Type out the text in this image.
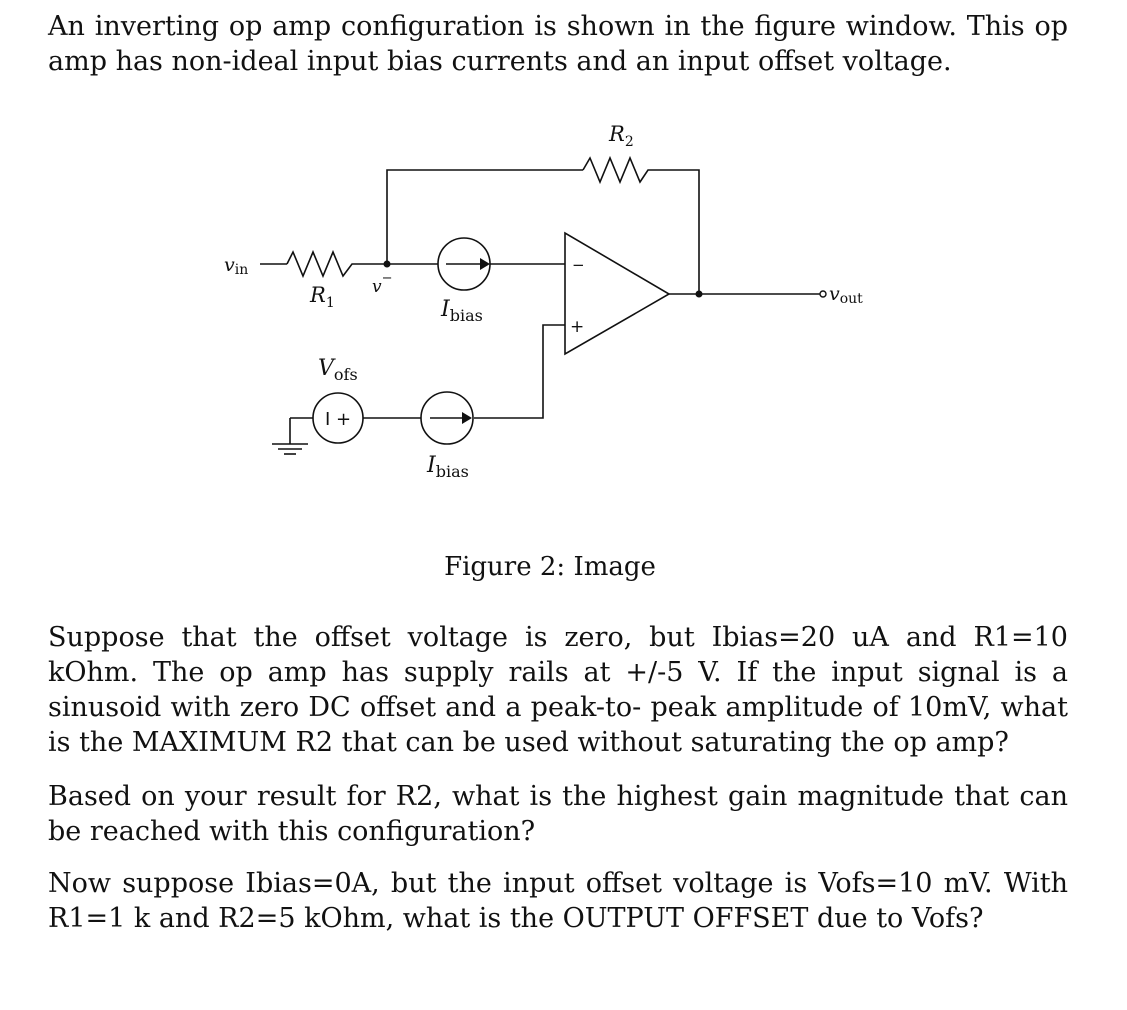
An inverting op amp configuration is shown in the figure window. This op amp has non-ideal input bias currents and an input offset voltage.

$R_2$
vin
$R_1$
v−
$I_{bias}$
$V_{ofs}$
$I_{bias}$
vout
−
+
I +
Figure 2: Image

Suppose that the offset voltage is zero, but Ibias=20 uA and R1=10 kOhm. The op amp has supply rails at +/-5 V. If the input signal is a sinusoid with zero DC offset and a peak-to- peak amplitude of 10mV, what is the MAXIMUM R2 that can be used without saturating the op amp?

Based on your result for R2, what is the highest gain magnitude that can be reached with this configuration?

Now suppose Ibias=0A, but the input offset voltage is Vofs=10 mV. With R1=1 k and R2=5 kOhm, what is the OUTPUT OFFSET due to Vofs?
